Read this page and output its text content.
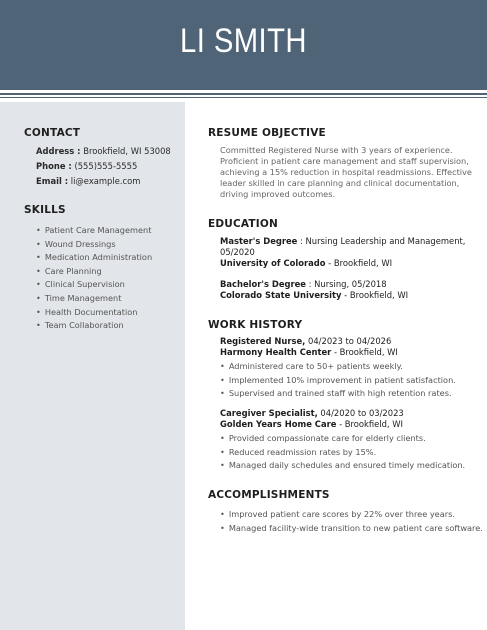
LI SMITH
CONTACT
Address : Brookfield, WI 53008
Phone : (555)555-5555
Email : li@example.com
SKILLS
• Patient Care Management
• Wound Dressings
• Medication Administration
• Care Planning
• Clinical Supervision
• Time Management
• Health Documentation
• Team Collaboration
RESUME OBJECTIVE
Committed Registered Nurse with 3 years of experience.
Proficient in patient care management and staff supervision,
achieving a 15% reduction in hospital readmissions. Effective
leader skilled in care planning and clinical documentation,
driving improved outcomes.
EDUCATION
Master's Degree : Nursing Leadership and Management,
05/2020
University of Colorado - Brookfield, WI
Bachelor's Degree : Nursing, 05/2018
Colorado State University - Brookfield, WI
WORK HISTORY
Registered Nurse, 04/2023 to 04/2026
Harmony Health Center - Brookfield, WI
• Administered care to 50+ patients weekly.
• Implemented 10% improvement in patient satisfaction.
• Supervised and trained staff with high retention rates.
Caregiver Specialist, 04/2020 to 03/2023
Golden Years Home Care - Brookfield, WI
• Provided compassionate care for elderly clients.
• Reduced readmission rates by 15%.
• Managed daily schedules and ensured timely medication.
ACCOMPLISHMENTS
• Improved patient care scores by 22% over three years.
• Managed facility-wide transition to new patient care software.
